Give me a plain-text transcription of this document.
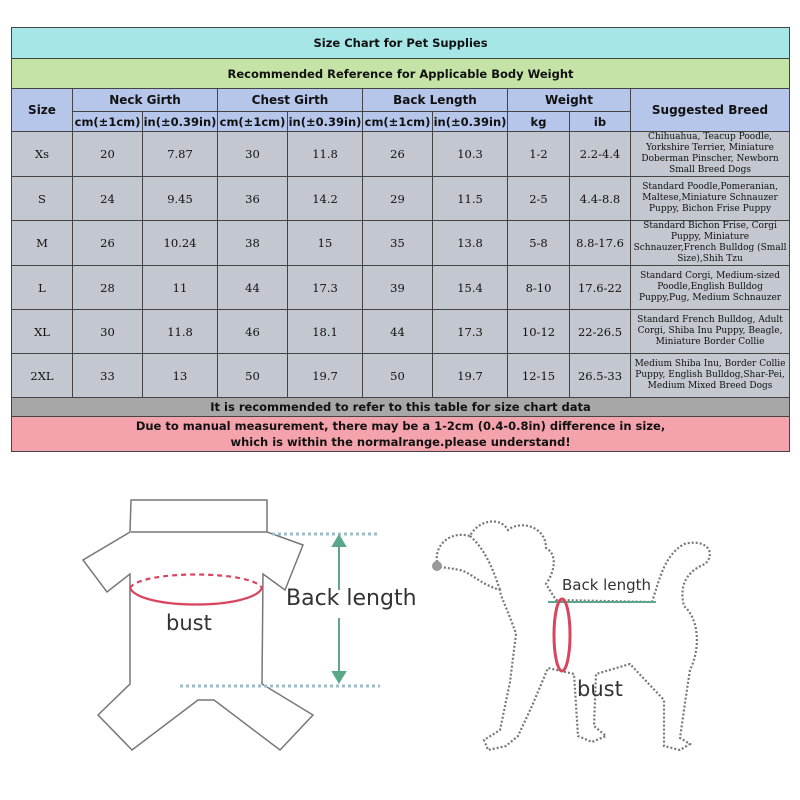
Size Chart for Pet Supplies									
Recommended Reference for Applicable Body Weight									
Size	Neck Girth		Chest Girth		Back Length		Weight		Suggested Breed
	cm(±1cm)	in(±0.39in)	cm(±1cm)	in(±0.39in)	cm(±1cm)	in(±0.39in)	kg	ib	
Xs	20	7.87	30	11.8	26	10.3	1-2	2.2-4.4	Chihuahua, Teacup Poodle, Yorkshire Terrier, Miniature Doberman Pinscher, Newborn Small Breed Dogs
S	24	9.45	36	14.2	29	11.5	2-5	4.4-8.8	Standard Poodle,Pomeranian, Maltese,Miniature Schnauzer Puppy, Bichon Frise Puppy
M	26	10.24	38	15	35	13.8	5-8	8.8-17.6	Standard Bichon Frise, Corgi Puppy, Miniature Schnauzer,French Bulldog (Small Size),Shih Tzu
L	28	11	44	17.3	39	15.4	8-10	17.6-22	Standard Corgi, Medium-sized Poodle,English Bulldog Puppy,Pug, Medium Schnauzer
XL	30	11.8	46	18.1	44	17.3	10-12	22-26.5	Standard French Bulldog, Adult Corgi, Shiba Inu Puppy, Beagle, Miniature Border Collie
2XL	33	13	50	19.7	50	19.7	12-15	26.5-33	Medium Shiba Inu, Border Collie Puppy, English Bulldog,Shar-Pei, Medium Mixed Breed Dogs
It is recommended to refer to this table for size chart data									

Due to manual measurement, there may be a 1-2cm (0.4-0.8in) difference in size,
which is within the normalrange.please understand!									
Back length
bust
Back length
bust
